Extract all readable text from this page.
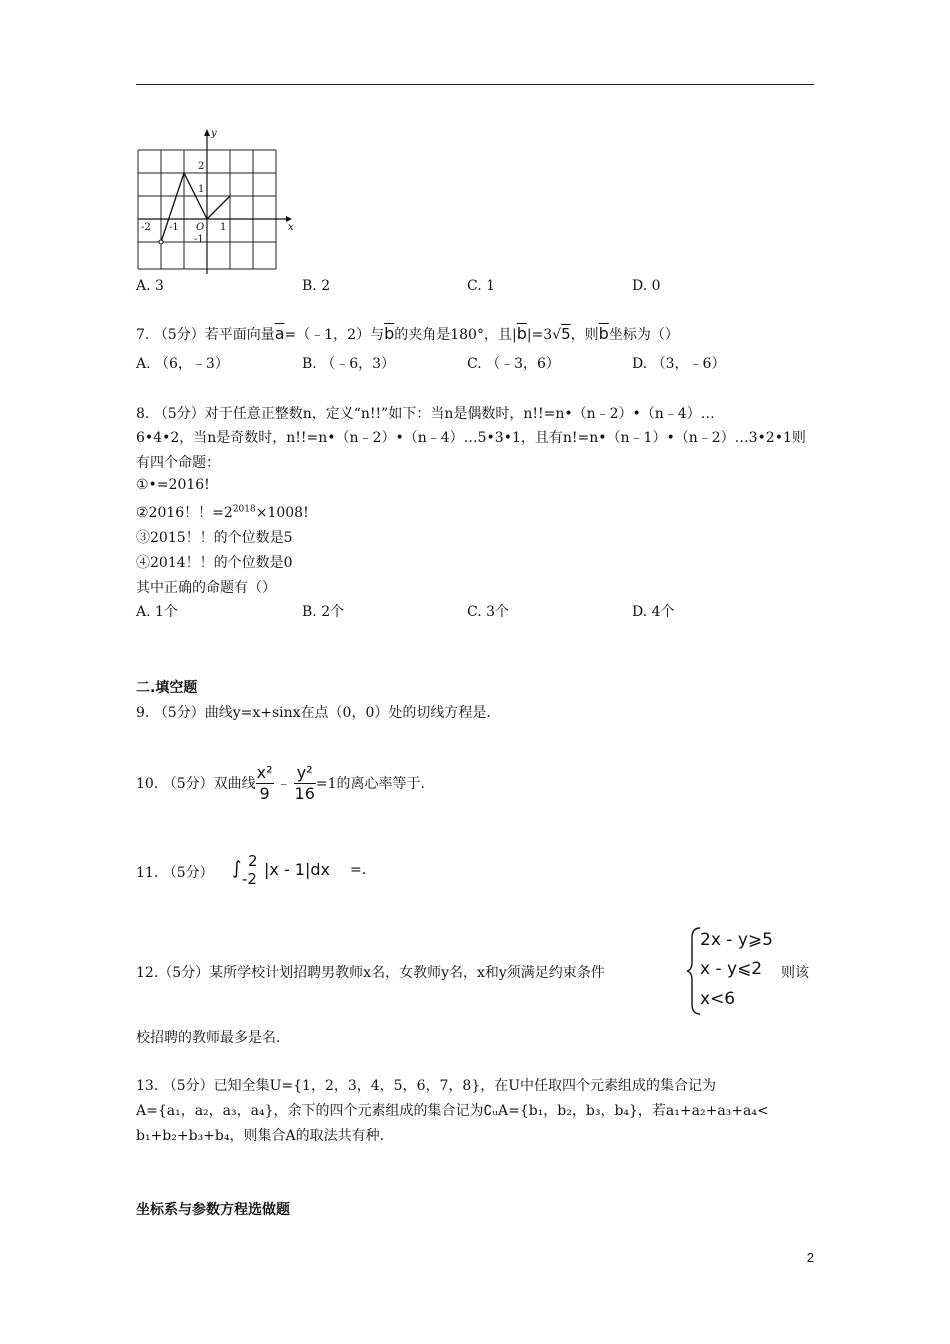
y
x
-2 -1 O 1
2
1
-1
A. 3	B. 2	C. 1	D. 0
7. （5分）若平面向量$\overline{a}=(﹣1$，2）与$\overline{b}$的夹角是180°，且$|\overline{b}|=3√5$，则$\overline{b}$坐标为（）
A. （6，﹣3）	B. （﹣6，3）	C. （﹣3，6）	D. （3，﹣6）
8. （5分）对于任意正整数n，定义“n!!”如下：当n是偶数时，n!!=n•（n﹣2）•（n﹣4）…
6•4•2，当n是奇数时，n!!=n•（n﹣2）•（n﹣4）…5•3•1，且有n!=n•（n﹣1）•（n﹣2）…3•2•1则
有四个命题：
①•=2016!
②2016！！$=2^{2018}\times 1008$!
③2015！！的个位数是5
④2014！！的个位数是0
其中正确的命题有（）
A. 1个	B. 2个	C. 3个	D. 4个
二.填空题
9. （5分）曲线y=x+sinx在点（0，0）处的切线方程是.
10. （5分）双曲线 $\frac{\text{x²}}{9}$ ﹣ $\frac{\text{y²}}{16} =1$的离心率等于.
11. （5分） ∫ 2
-2 |x - 1|dx =.
12.（5分）某所学校计划招聘男教师x名，女教师y名，x和y须满足约束条件
2x - y⩾5
x - y⩽2
x<6
则该
校招聘的教师最多是名.
13. （5分）已知全集U={1，2，3，4，5，6，7，8}，在U中任取四个元素组成的集合记为
A={a₁，a₂，a₃，a₄}，余下的四个元素组成的集合记为∁ᵤA={b₁，b₂，b₃，b₄}，若a₁+a₂+a₃+a₄<
b₁+b₂+b₃+b₄，则集合A的取法共有种.
坐标系与参数方程选做题
2
